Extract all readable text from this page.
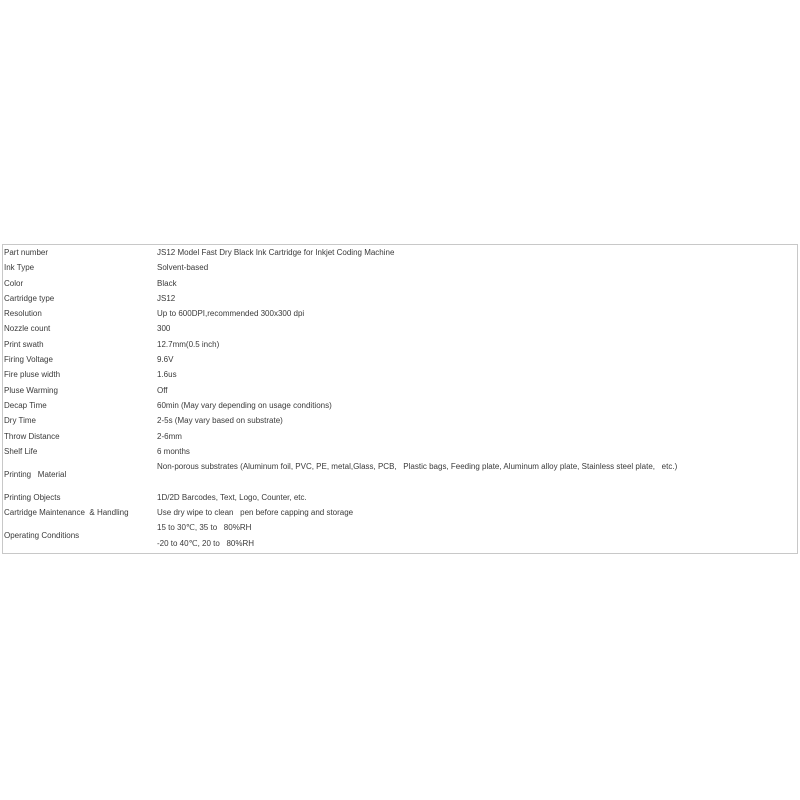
Part number	JS12 Model Fast Dry Black Ink Cartridge for Inkjet Coding Machine
Ink Type	Solvent-based
Color	Black
Cartridge type	JS12
Resolution	Up to 600DPI,recommended 300x300 dpi
Nozzle count	300
Print swath	12.7mm(0.5 inch)
Firing Voltage	9.6V
Fire pluse width	1.6us
Pluse Warming	Off
Decap Time	60min (May vary depending on usage conditions)
Dry Time	2-5s (May vary based on substrate)
Throw Distance	2-6mm
Shelf Life	6 months
Printing   Material	Non-porous substrates (Aluminum foil, PVC, PE, metal,Glass, PCB,   Plastic bags, Feeding plate, Aluminum alloy plate, Stainless steel plate,   etc.)
Printing Objects	1D/2D Barcodes, Text, Logo, Counter, etc.
Cartridge Maintenance  & Handling	Use dry wipe to clean   pen before capping and storage
Operating Conditions	15 to 30℃, 35 to   80%RH
-20 to 40℃, 20 to   80%RH
